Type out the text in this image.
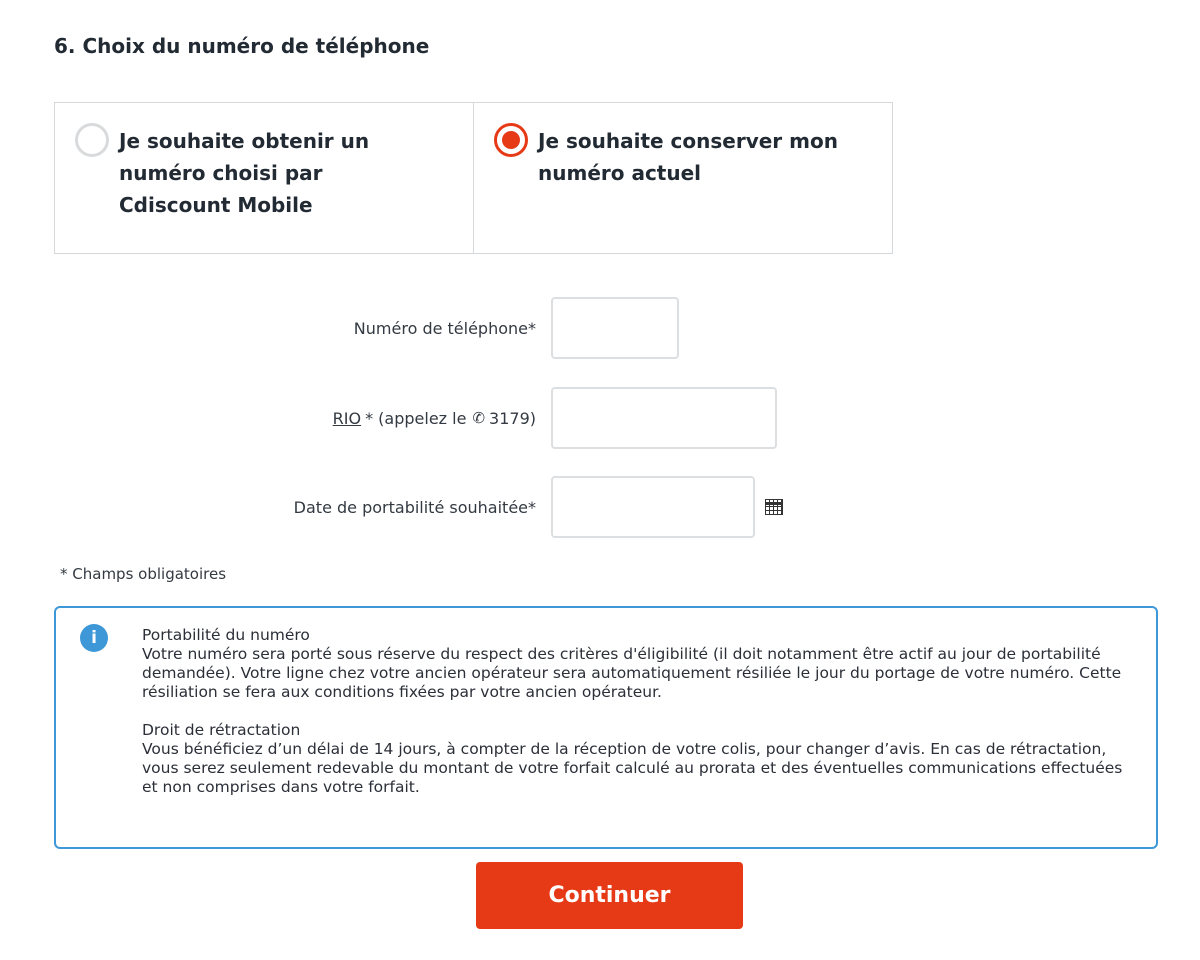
6. Choix du numéro de téléphone
Je souhaite obtenir un numéro choisi par Cdiscount Mobile
Je souhaite conserver mon numéro actuel
Numéro de téléphone*
RIO * (appelez le ✆ 3179)
Date de portabilité souhaitée*
* Champs obligatoires
i	Portabilité du numéro

Votre numéro sera porté sous réserve du respect des critères d'éligibilité (il doit notamment être actif au jour de portabilité demandée). Votre ligne chez votre ancien opérateur sera automatiquement résiliée le jour du portage de votre numéro. Cette résiliation se fera aux conditions fixées par votre ancien opérateur.

Droit de rétractation

Vous bénéficiez d’un délai de 14 jours, à compter de la réception de votre colis, pour changer d’avis. En cas de rétractation, vous serez seulement redevable du montant de votre forfait calculé au prorata et des éventuelles communications effectuées et non comprises dans votre forfait.

Continuer
